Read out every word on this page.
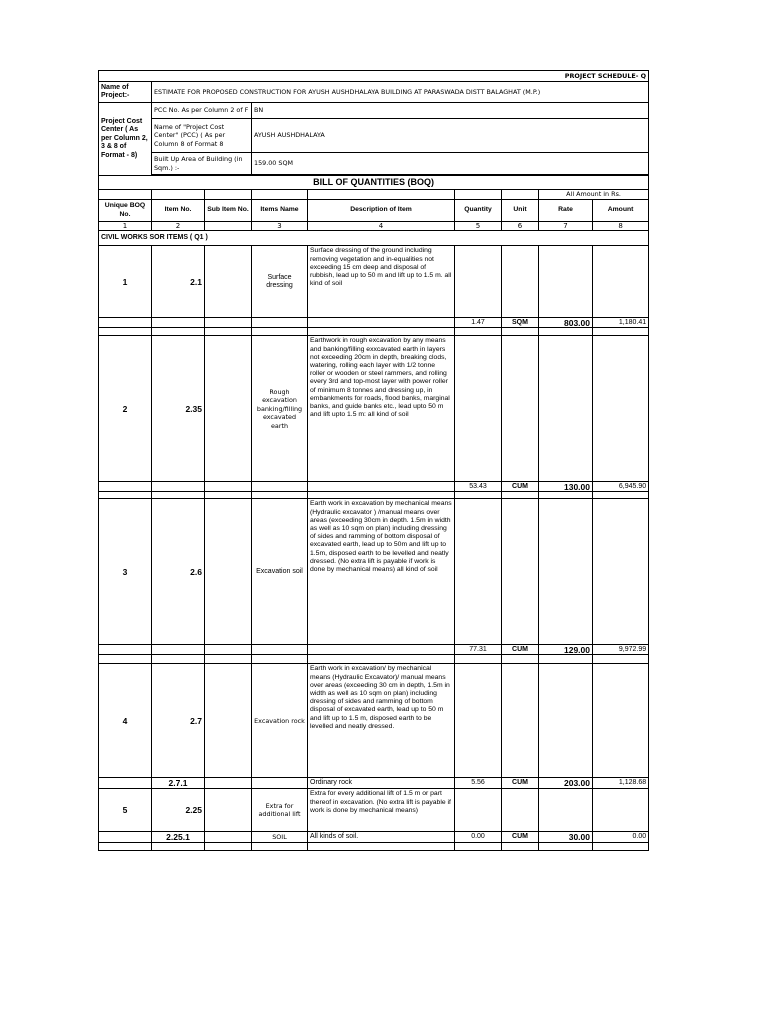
PROJECT SCHEDULE- Q								
Name of Project:-	ESTIMATE FOR PROPOSED CONSTRUCTION FOR AYUSH AUSHDHALAYA BUILDING AT PARASWADA DISTT BALAGHAT (M.P.)							
Project Cost Center ( As per Column 2, 3 & 8 of Format - 8)	PCC No. As per Column 2 of F		BN					
	Name of "Project Cost Center" (PCC) ( As per Column 8 of Format 8		AYUSH AUSHDHALAYA					
	Built Up Area of Building (in Sqm.) :-		159.00 SQM					

BILL OF QUANTITIES (BOQ)								
							All Amount in Rs.	
Unique BOQ No.	Item No.	Sub Item No.	Items Name	Description of Item	Quantity	Unit	Rate	Amount
1	2		3	4	5	6	7	8
CIVIL WORKS SOR ITEMS ( Q1 )								
1	2.1		Surface dressing	Surface dressing of the ground including removing vegetation and in-equalities not exceeding 15 cm deep and disposal of rubbish, lead up to 50 m and lift up to 1.5 m. all kind of soil				
					1.47	SQM	803.00	1,180.41

2	2.35		Rough excavation banking/filling excavated earth	Earthwork in rough excavation by any means and banking/filling exxcavated earth in layers not exceeding 20cm in depth, breaking clods, watering, rolling each layer with 1/2 tonne roller or wooden or steel rammers, and rolling every 3rd and top-most layer with power roller of minimum 8 tonnes and dressing up, in embankments for roads, flood banks, marginal banks, and guide banks etc., lead upto 50 m and lift upto 1.5 m: all kind of soil				
					53.43	CUM	130.00	6,945.90

3	2.6		Excavation soil	Earth work in excavation by mechanical means (Hydraulic excavator ) /manual means over areas (exceeding 30cm in depth. 1.5m in width as well as 10 sqm on plan) including dressing of sides and ramming of bottom disposal of excavated earth, lead up to 50m and lift up to 1.5m, disposed earth to be levelled and neatly dressed. (No extra lift is payable if work is done by mechanical means) all kind of soil				
					77.31	CUM	129.00	9,972.99

4	2.7		Excavation rock	Earth work in excavation/ by mechanical means (Hydraulic Excavator)/ manual means over areas (exceeding 30 cm in depth, 1.5m in width as well as 10 sqm on plan) including dressing of sides and ramming of bottom disposal of excavated earth, lead up to 50 m and lift up to 1.5 m, disposed earth to be levelled and neatly dressed.				
	2.7.1			Ordinary rock	5.56	CUM	203.00	1,128.68
5	2.25		Extra for additional lift	Extra for every additional lift of 1.5 m or part thereof in excavation. (No extra lift is payable if work is done by mechanical means)				
	2.25.1		SOIL	All kinds of soil.	0.00	CUM	30.00	0.00
